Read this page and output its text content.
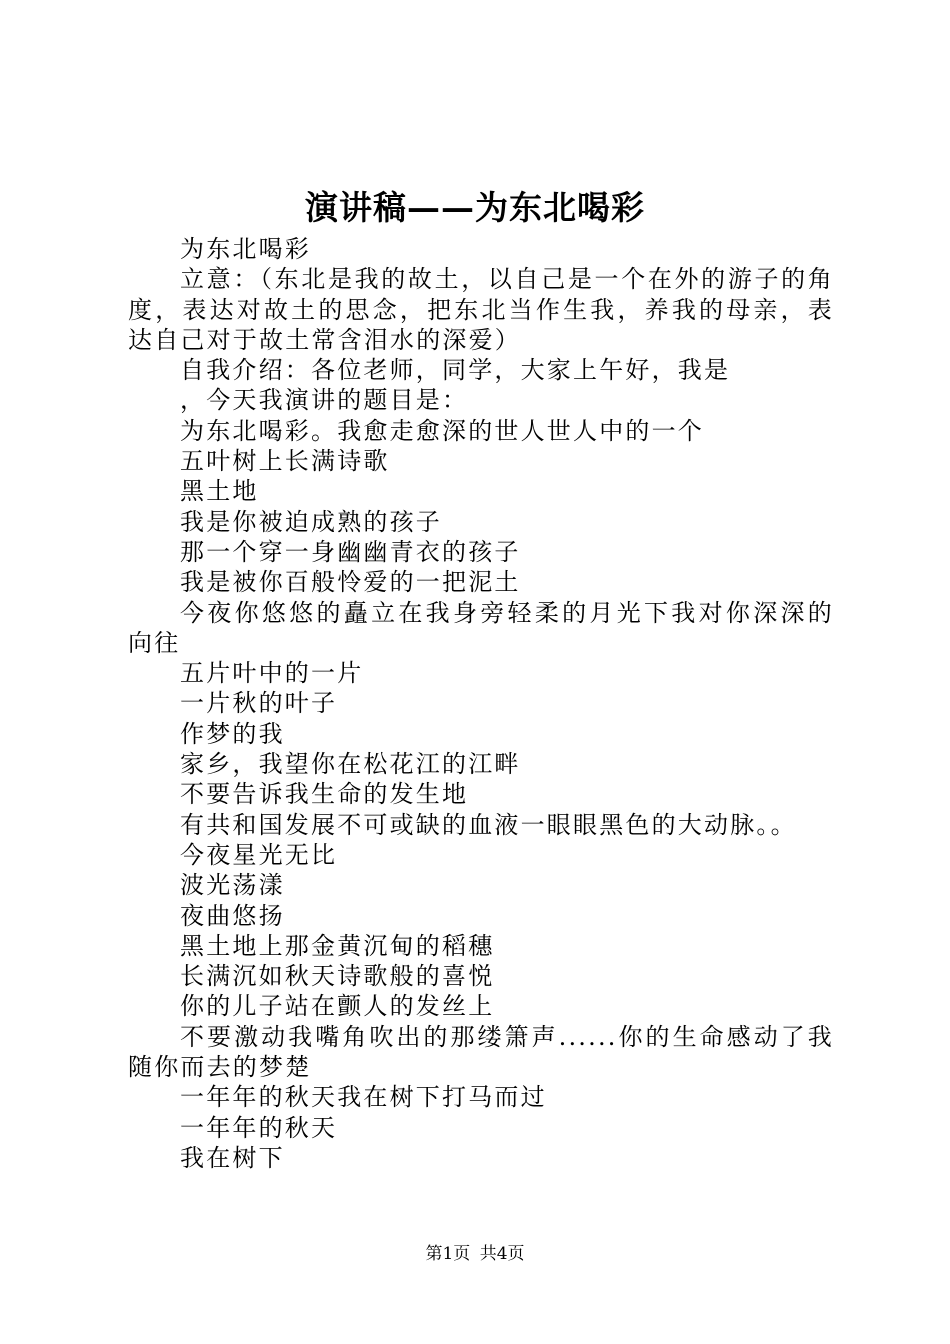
演讲稿——为东北喝彩

为东北喝彩

立意：（东北是我的故土，以自己是一个在外的游子的角度，表达对故土的思念，把东北当作生我，养我的母亲，表达自己对于故土常含泪水的深爱）

自我介绍：各位老师，同学，大家上午好，我是

，今天我演讲的题目是：

为东北喝彩。我愈走愈深的世人世人中的一个

五叶树上长满诗歌

黑土地

我是你被迫成熟的孩子

那一个穿一身幽幽青衣的孩子

我是被你百般怜爱的一把泥土

今夜你悠悠的矗立在我身旁轻柔的月光下我对你深深的向往

五片叶中的一片

一片秋的叶子

作梦的我

家乡，我望你在松花江的江畔

不要告诉我生命的发生地

有共和国发展不可或缺的血液一眼眼黑色的大动脉。。

今夜星光无比

波光荡漾

夜曲悠扬

黑土地上那金黄沉甸的稻穗

长满沉如秋天诗歌般的喜悦

你的儿子站在颤人的发丝上

不要激动我嘴角吹出的那缕箫声......你的生命感动了我随你而去的梦楚

一年年的秋天我在树下打马而过

一年年的秋天

我在树下

第1页 共4页
